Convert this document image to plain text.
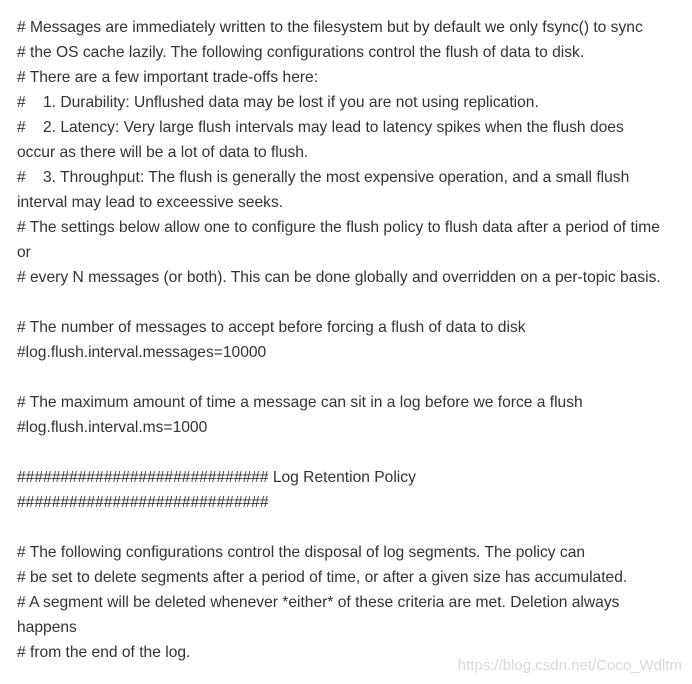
# Messages are immediately written to the filesystem but by default we only fsync() to sync
# the OS cache lazily. The following configurations control the flush of data to disk.
# There are a few important trade-offs here:
#    1. Durability: Unflushed data may be lost if you are not using replication.
#    2. Latency: Very large flush intervals may lead to latency spikes when the flush does
occur as there will be a lot of data to flush.
#    3. Throughput: The flush is generally the most expensive operation, and a small flush
interval may lead to exceessive seeks.
# The settings below allow one to configure the flush policy to flush data after a period of time
or
# every N messages (or both). This can be done globally and overridden on a per-topic basis.
# The number of messages to accept before forcing a flush of data to disk
#log.flush.interval.messages=10000
# The maximum amount of time a message can sit in a log before we force a flush
#log.flush.interval.ms=1000
############################# Log Retention Policy
#############################
# The following configurations control the disposal of log segments. The policy can
# be set to delete segments after a period of time, or after a given size has accumulated.
# A segment will be deleted whenever *either* of these criteria are met. Deletion always
happens
# from the end of the log.
https://blog.csdn.net/Coco_Wdltm
